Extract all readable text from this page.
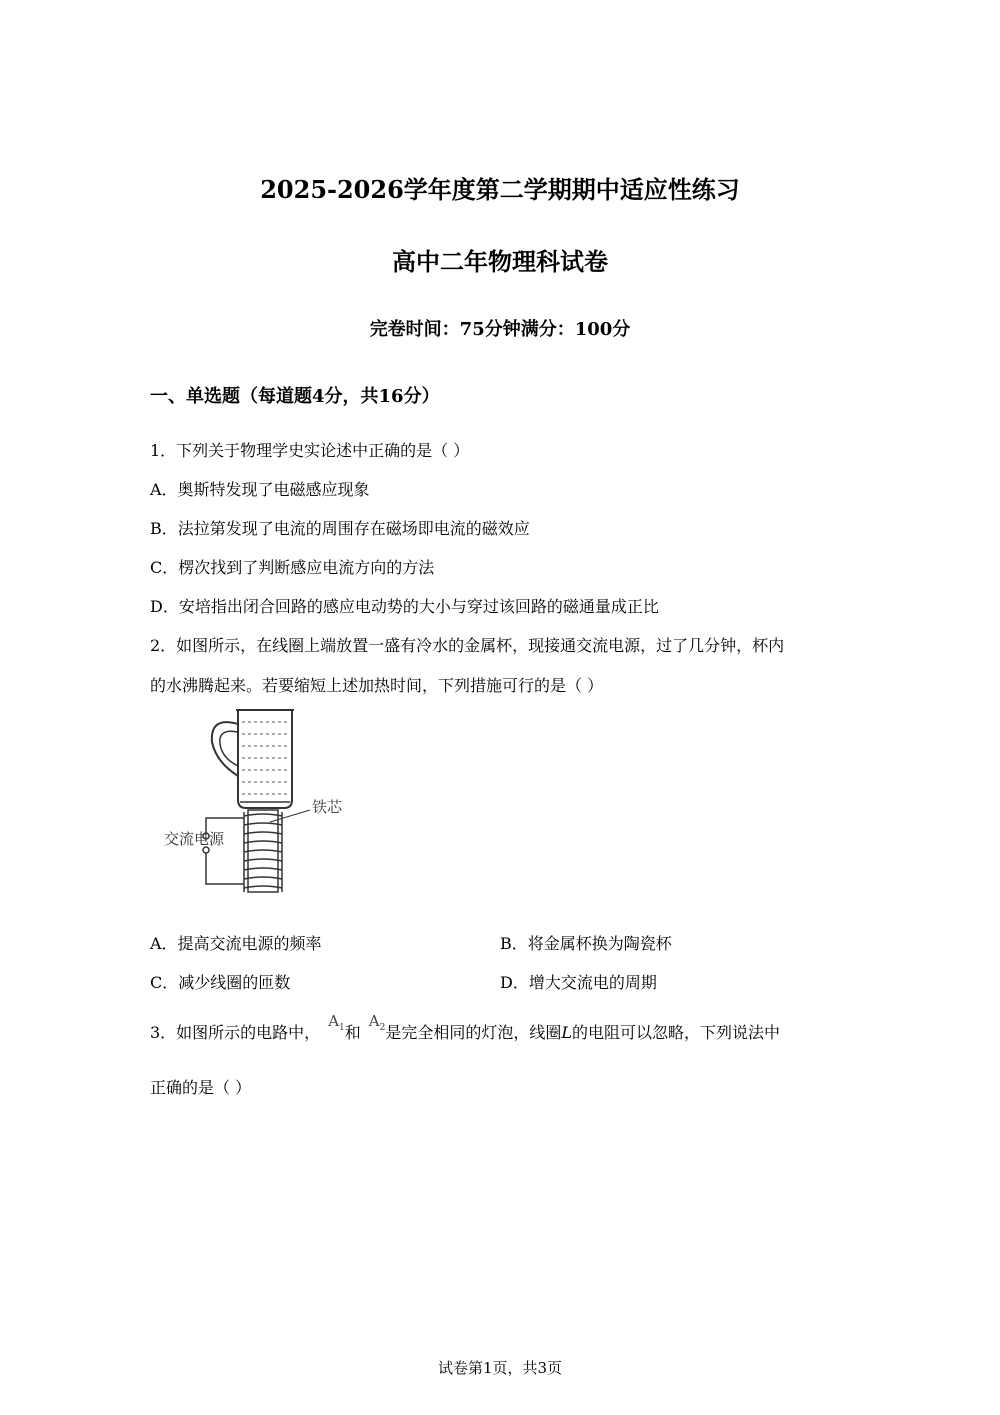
2025-2026学年度第二学期期中适应性练习
高中二年物理科试卷
完卷时间：75分钟满分：100分
一、单选题（每道题4分，共16分）
1．下列关于物理学史实论述中正确的是（ ）
A．奥斯特发现了电磁感应现象
B．法拉第发现了电流的周围存在磁场即电流的磁效应
C．楞次找到了判断感应电流方向的方法
D．安培指出闭合回路的感应电动势的大小与穿过该回路的磁通量成正比
2．如图所示，在线圈上端放置一盛有冷水的金属杯，现接通交流电源，过了几分钟，杯内
的水沸腾起来。若要缩短上述加热时间，下列措施可行的是（ ）
铁芯
交流电源
A．提高交流电源的频率	B．将金属杯换为陶瓷杯
C．减少线圈的匝数	D．增大交流电的周期
3．如图所示的电路中，$A_1$和$A_2$是完全相同的灯泡，线圈L的电阻可以忽略，下列说法中
正确的是（ ）
试卷第1页，共3页
